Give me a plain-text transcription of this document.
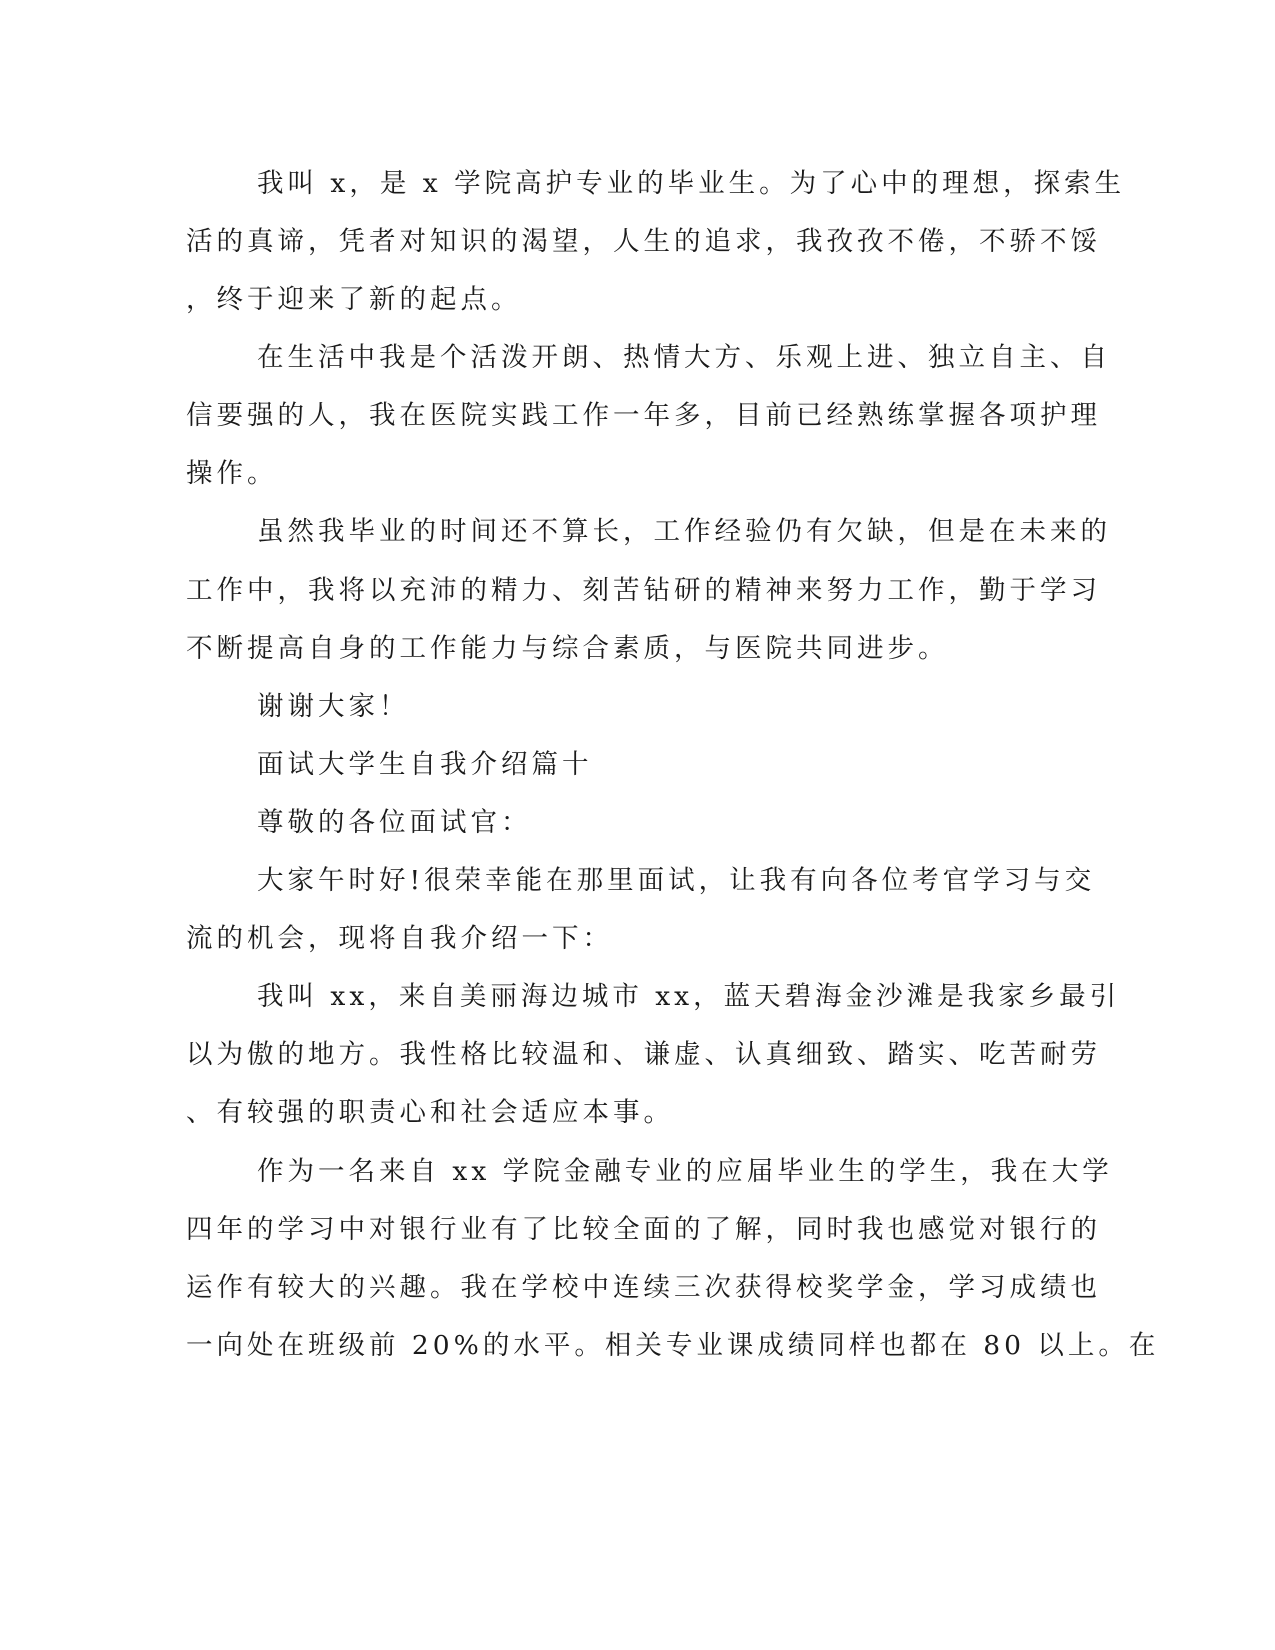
我叫 x，是 x 学院高护专业的毕业生。为了心中的理想，探索生
活的真谛，凭者对知识的渴望，人生的追求，我孜孜不倦，不骄不馁
，终于迎来了新的起点。
在生活中我是个活泼开朗、热情大方、乐观上进、独立自主、自
信要强的人，我在医院实践工作一年多，目前已经熟练掌握各项护理
操作。
虽然我毕业的时间还不算长，工作经验仍有欠缺，但是在未来的
工作中，我将以充沛的精力、刻苦钻研的精神来努力工作，勤于学习
不断提高自身的工作能力与综合素质，与医院共同进步。
谢谢大家！
面试大学生自我介绍篇十
尊敬的各位面试官：
大家午时好!很荣幸能在那里面试，让我有向各位考官学习与交
流的机会，现将自我介绍一下：
我叫 xx，来自美丽海边城市 xx，蓝天碧海金沙滩是我家乡最引
以为傲的地方。我性格比较温和、谦虚、认真细致、踏实、吃苦耐劳
、有较强的职责心和社会适应本事。
作为一名来自 xx 学院金融专业的应届毕业生的学生，我在大学
四年的学习中对银行业有了比较全面的了解，同时我也感觉对银行的
运作有较大的兴趣。我在学校中连续三次获得校奖学金，学习成绩也
一向处在班级前 20%的水平。相关专业课成绩同样也都在 80 以上。在
